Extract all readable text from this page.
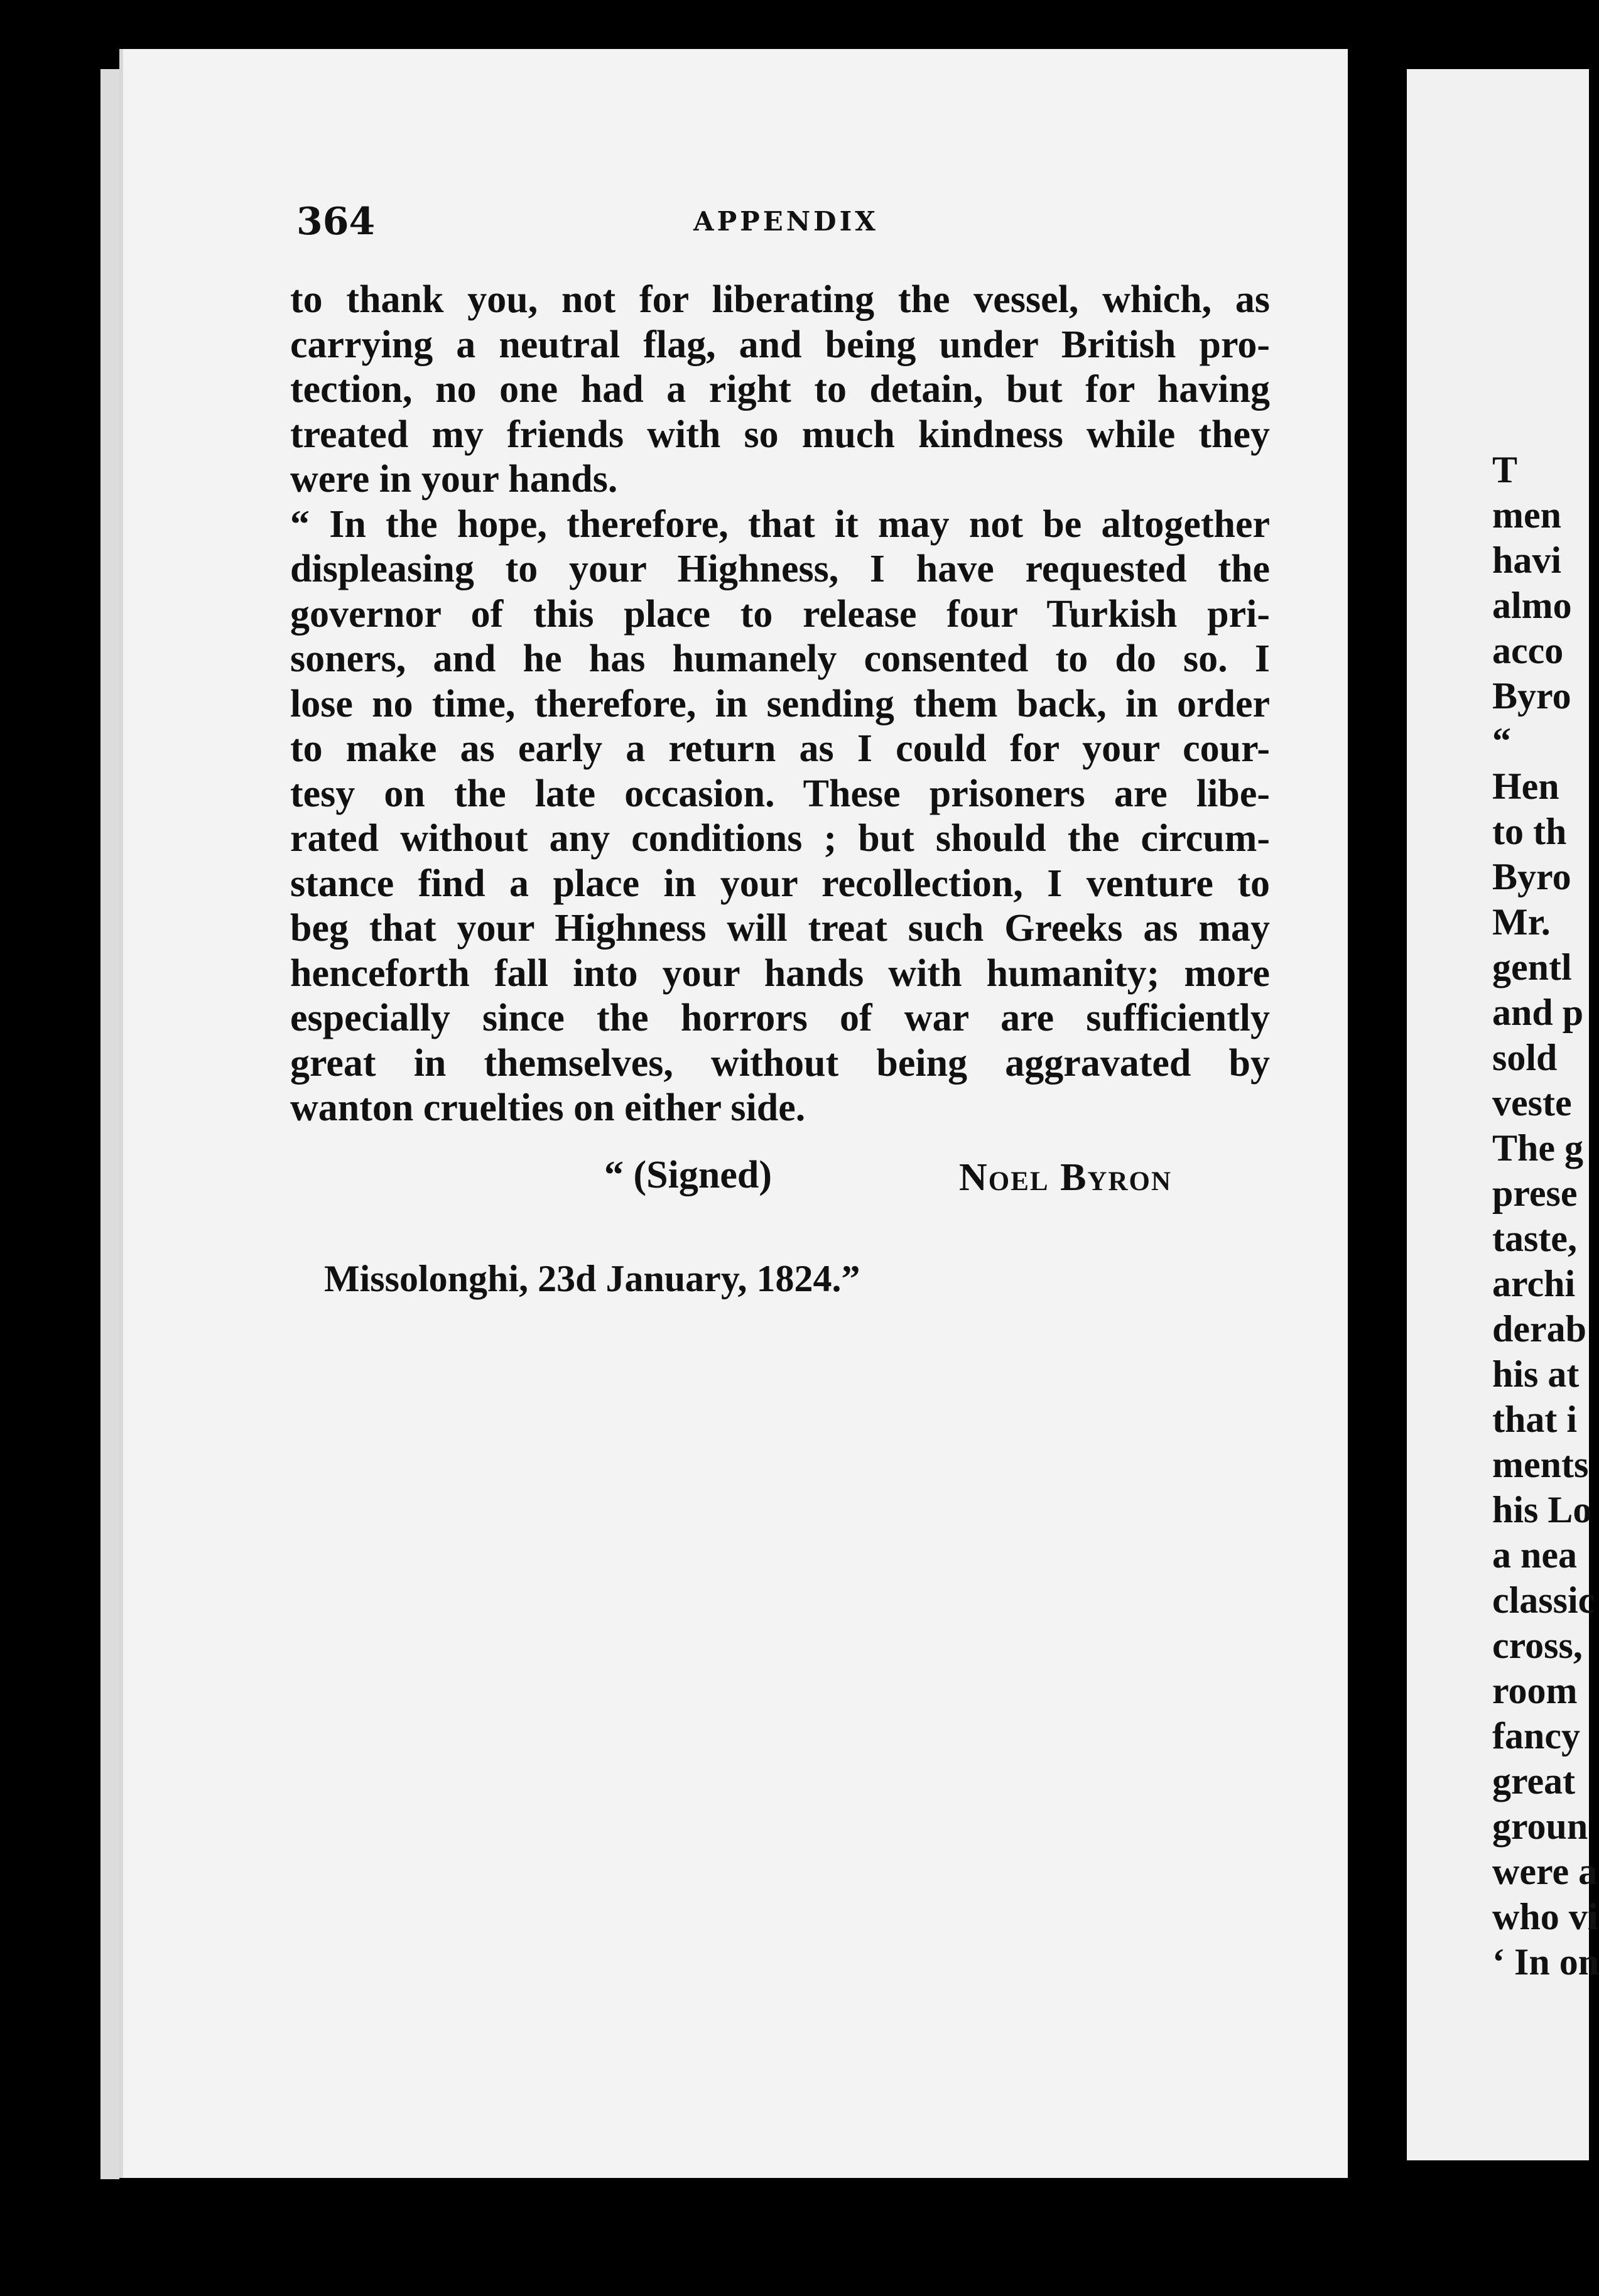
364	APPENDIX
to thank you, not for liberating the vessel, which, as
carrying a neutral flag, and being under British pro-
tection, no one had a right to detain, but for having
treated my friends with so much kindness while they
were in your hands.
“ In the hope, therefore, that it may not be altogether
displeasing to your Highness, I have requested the
governor of this place to release four Turkish pri-
soners, and he has humanely consented to do so. I
lose no time, therefore, in sending them back, in order
to make as early a return as I could for your cour-
tesy on the late occasion. These prisoners are libe-
rated without any conditions ; but should the circum-
stance find a place in your recollection, I venture to
beg that your Highness will treat such Greeks as may
henceforth fall into your hands with humanity; more
especially since the horrors of war are sufficiently
great in themselves, without being aggravated by
wanton cruelties on either side.
“ (Signed)	Noel Byron
Missolonghi, 23d January, 1824.”
T
men
havi
almo
acco
Byro
“
Hen
to th
Byro
Mr.
gentl
and p
sold
veste
The g
prese
taste,
archi
derab
his at
that i
ments
his Lo
a nea
classic
cross,
room
fancy
great
groun
were a
who vi
‘ In on
